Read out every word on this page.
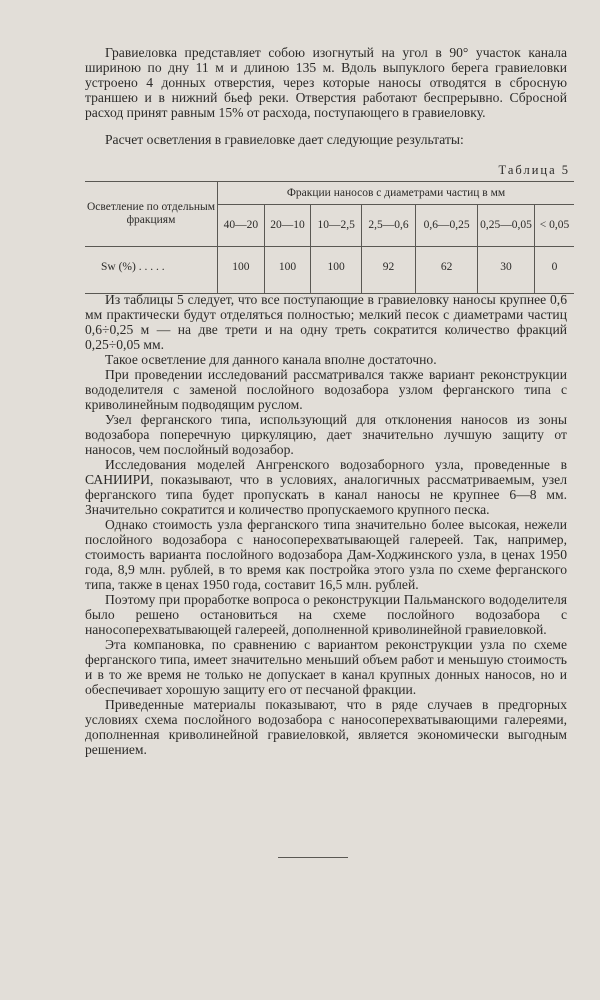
Гравиеловка представляет собою изогнутый на угол в 90° участок канала шириною по дну 11 м и длиною 135 м. Вдоль выпуклого берега гравиеловки устроено 4 донных отверстия, через которые наносы отводятся в сбросную траншею и в нижний бьеф реки. Отверстия работают беспрерывно. Сбросной расход принят равным 15% от расхода, поступающего в гравиеловку.

Расчет осветления в гравиеловке дает следующие результаты:

Таблица 5
Осветление по отдельным фракциям	Фракции наносов с диаметрами частиц в мм						
	40—20	20—10	10—2,5	2,5—0,6	0,6—0,25	0,25—0,05	< 0,05
Sw (%) . . . . .	100	100	100	92	62	30	0

Из таблицы 5 следует, что все поступающие в гравиеловку наносы крупнее 0,6 мм практически будут отделяться полностью; мелкий песок с диаметрами частиц 0,6÷0,25 м — на две трети и на одну треть сократится количество фракций 0,25÷0,05 мм.

Такое осветление для данного канала вполне достаточно.

При проведении исследований рассматривался также вариант реконструкции вододелителя с заменой послойного водозабора узлом ферганского типа с криволинейным подводящим руслом.

Узел ферганского типа, использующий для отклонения наносов из зоны водозабора поперечную циркуляцию, дает значительно лучшую защиту от наносов, чем послойный водозабор.

Исследования моделей Ангренского водозаборного узла, проведенные в САНИИРИ, показывают, что в условиях, аналогичных рассматриваемым, узел ферганского типа будет пропускать в канал наносы не крупнее 6—8 мм. Значительно сократится и количество пропускаемого крупного песка.

Однако стоимость узла ферганского типа значительно более высокая, нежели послойного водозабора с наносоперехватывающей галереей. Так, например, стоимость варианта послойного водозабора Дам-Ходжинского узла, в ценах 1950 года, 8,9 млн. рублей, в то время как постройка этого узла по схеме ферганского типа, также в ценах 1950 года, составит 16,5 млн. рублей.

Поэтому при проработке вопроса о реконструкции Пальманского вододелителя было решено остановиться на схеме послойного водозабора с наносоперехватывающей галереей, дополненной криволинейной гравиеловкой.

Эта компановка, по сравнению с вариантом реконструкции узла по схеме ферганского типа, имеет значительно меньший объем работ и меньшую стоимость и в то же время не только не допускает в канал крупных донных наносов, но и обеспечивает хорошую защиту его от песчаной фракции.

Приведенные материалы показывают, что в ряде случаев в предгорных условиях схема послойного водозабора с наносоперехватывающими галереями, дополненная криволинейной гравиеловкой, является экономически выгодным решением.
